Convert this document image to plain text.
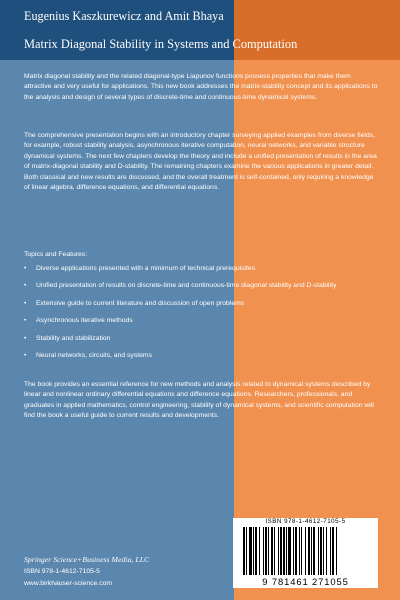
Eugenius Kaszkurewicz and Amit Bhaya
Matrix Diagonal Stability in Systems and Computation

Matrix diagonal stability and the related diagonal-type Liapunov functions possess properties that make them attractive and very useful for applications. This new book addresses the matrix-stability concept and its applications to the analysis and design of several types of discrete-time and continuous-time dynamical systems.

The comprehensive presentation begins with an introductory chapter surveying applied examples from diverse fields, for example, robust stability analysis, asynchronous iterative computation, neural networks, and variable structure dynamical systems. The next few chapters develop the theory and include a unified presentation of results in the area of matrix-diagonal stability and D-stability. The remaining chapters examine the various applications in greater detail. Both classical and new results are discussed, and the overall treatment is self-contained, only requiring a knowledge of linear algebra, difference equations, and differential equations.

Topics and Features:
•	Diverse applications presented with a minimum of technical prerequisites
•	Unified presentation of results on discrete-time and continuous-time diagonal stability and D-stability
•	Extensive guide to current literature and discussion of open problems
•	Asynchronous iterative methods
•	Stability and stabilization
•	Neural networks, circuits, and systems

The book provides an essential reference for new methods and analysis related to dynamical systems described by linear and nonlinear ordinary differential equations and difference equations. Researchers, professionals, and graduates in applied mathematics, control engineering, stability of dynamical systems, and scientific computation will find the book a useful guide to current results and developments.

Springer Science+Business Media, LLC
ISBN 978-1-4612-7105-5
www.birkhauser-science.com
ISBN 978-1-4612-7105-5
9 781461 271055
